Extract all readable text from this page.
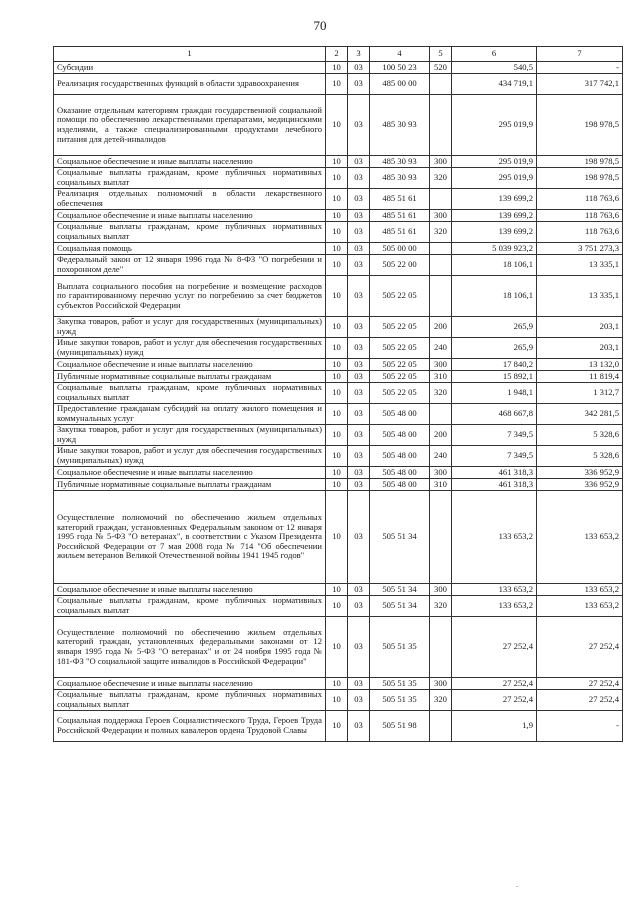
70
1	2	3	4	5	6	7
Субсидии	10	03	100 50 23	520	540,5	-
Реализация государственных функций в области здравоохранения	10	03	485 00 00		434 719,1	317 742,1
Оказание отдельным категориям граждан государственной социальной помощи по обеспечению лекарственными препаратами, медицинскими изделиями, а также специализированными продуктами лечебного питания для детей-инвалидов	10	03	485 30 93		295 019,9	198 978,5
Социальное обеспечение и иные выплаты населению	10	03	485 30 93	300	295 019,9	198 978,5
Социальные выплаты гражданам, кроме публичных нормативных социальных выплат	10	03	485 30 93	320	295 019,9	198 978,5
Реализация отдельных полномочий в области лекарственного обеспечения	10	03	485 51 61		139 699,2	118 763,6
Социальное обеспечение и иные выплаты населению	10	03	485 51 61	300	139 699,2	118 763,6
Социальные выплаты гражданам, кроме публичных нормативных социальных выплат	10	03	485 51 61	320	139 699,2	118 763,6
Социальная помощь	10	03	505 00 00		5 039 923,2	3 751 273,3
Федеральный закон от 12 января 1996 года № 8-ФЗ "О погребении и похоронном деле"	10	03	505 22 00		18 106,1	13 335,1
Выплата социального пособия на погребение и возмещение расходов по гарантированному перечню услуг по погребению за счет бюджетов субъектов Российской Федерации	10	03	505 22 05		18 106,1	13 335,1
Закупка товаров, работ и услуг для государственных (муниципальных) нужд	10	03	505 22 05	200	265,9	203,1
Иные закупки товаров, работ и услуг для обеспечения государственных (муниципальных) нужд	10	03	505 22 05	240	265,9	203,1
Социальное обеспечение и иные выплаты населению	10	03	505 22 05	300	17 840,2	13 132,0
Публичные нормативные социальные выплаты гражданам	10	03	505 22 05	310	15 892,1	11 819,4
Социальные выплаты гражданам, кроме публичных нормативных социальных выплат	10	03	505 22 05	320	1 948,1	1 312,7
Предоставление гражданам субсидий на оплату жилого помещения и коммунальных услуг	10	03	505 48 00		468 667,8	342 281,5
Закупка товаров, работ и услуг для государственных (муниципальных) нужд	10	03	505 48 00	200	7 349,5	5 328,6
Иные закупки товаров, работ и услуг для обеспечения государственных (муниципальных) нужд	10	03	505 48 00	240	7 349,5	5 328,6
Социальное обеспечение и иные выплаты населению	10	03	505 48 00	300	461 318,3	336 952,9
Публичные нормативные социальные выплаты гражданам	10	03	505 48 00	310	461 318,3	336 952,9
Осуществление полномочий по обеспечению жильем отдельных категорий граждан, установленных Федеральным законом от 12 января 1995 года № 5-ФЗ "О ветеранах", в соответствии с Указом Президента Российской Федерации от 7 мая 2008 года № 714 "Об обеспечении жильем ветеранов Великой Отечественной войны 1941 1945 годов"	10	03	505 51 34		133 653,2	133 653,2
Социальное обеспечение и иные выплаты населению	10	03	505 51 34	300	133 653,2	133 653,2
Социальные выплаты гражданам, кроме публичных нормативных социальных выплат	10	03	505 51 34	320	133 653,2	133 653,2
Осуществление полномочий по обеспечению жильем отдельных категорий граждан, установленных федеральными законами от 12 января 1995 года № 5-ФЗ "О ветеранах" и от 24 ноября 1995 года № 181-ФЗ "О социальной защите инвалидов в Российской Федерации"	10	03	505 51 35		27 252,4	27 252,4
Социальное обеспечение и иные выплаты населению	10	03	505 51 35	300	27 252,4	27 252,4
Социальные выплаты гражданам, кроме публичных нормативных социальных выплат	10	03	505 51 35	320	27 252,4	27 252,4
Социальная поддержка Героев Социалистического Труда, Героев Труда Российской Федерации и полных кавалеров ордена Трудовой Славы	10	03	505 51 98		1,9	-
.
